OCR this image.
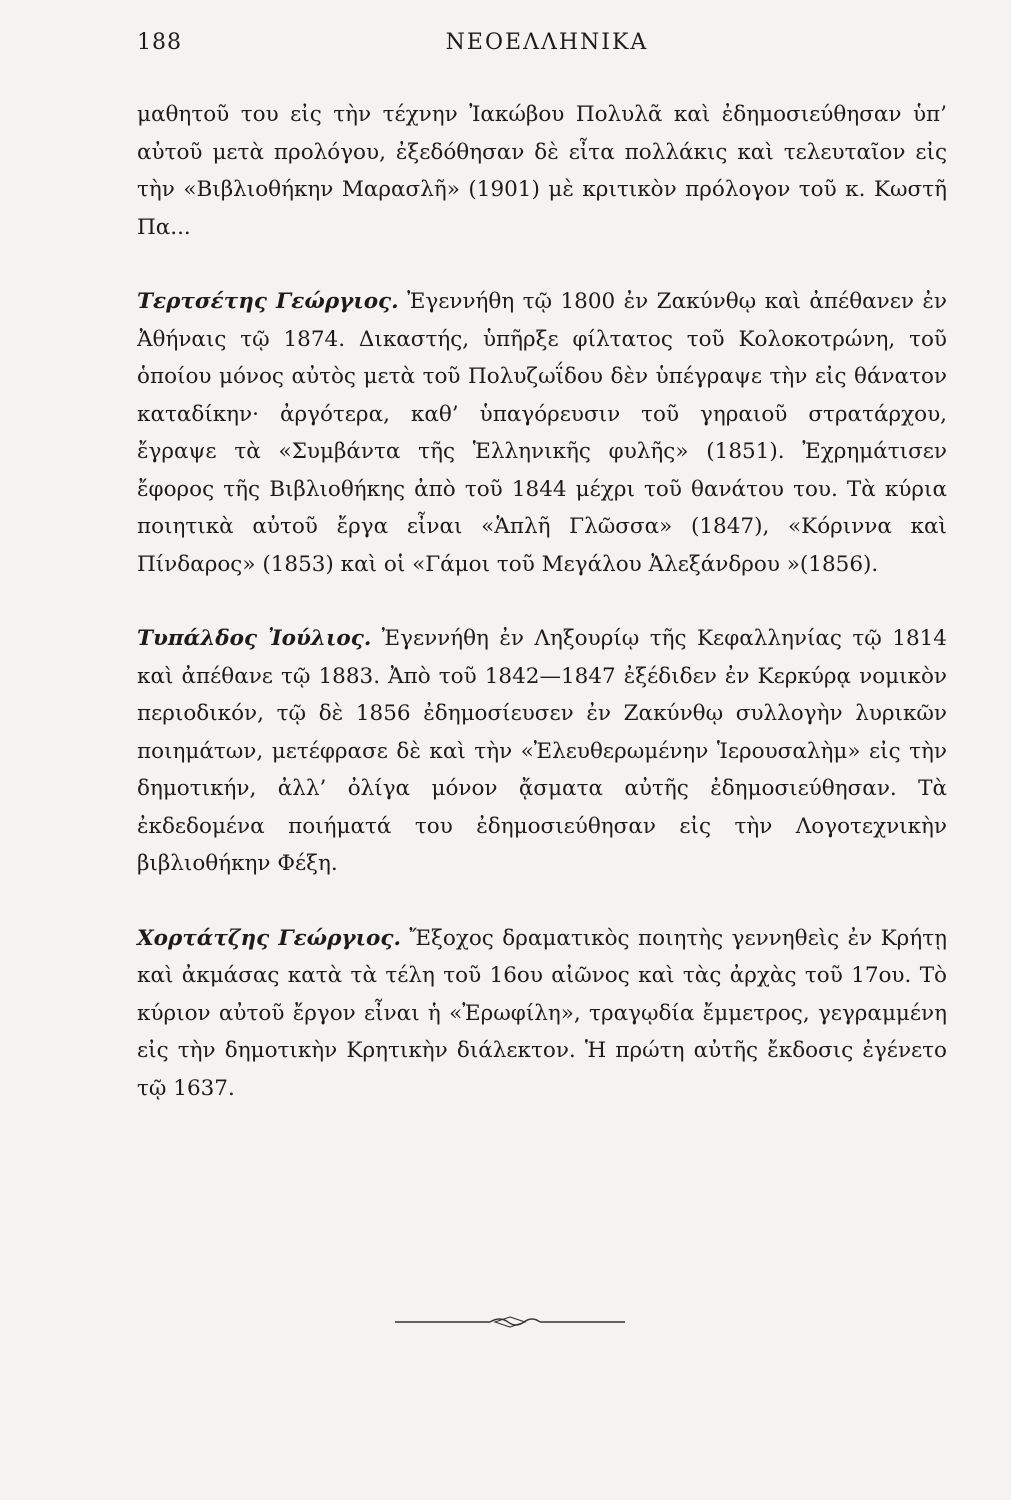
188	ΝΕΟΕΛΛΗΝΙΚΑ

μαθητοῦ του εἰς τὴν τέχνην Ἰακώβου Πολυλᾶ καὶ ἐδημοσιεύθησαν ὑπ’ αὐτοῦ μετὰ προλόγου, ἐξεδόθησαν δὲ εἶτα πολλάκις καὶ τελευταῖον εἰς τὴν «Βιβλιοθήκην Μαρασλῆ» (1901) μὲ κριτικὸν πρόλογον τοῦ κ. Κωστῆ Πα...

Τερτσέτης Γεώργιος. Ἐγεννήθη τῷ 1800 ἐν Ζακύνθῳ καὶ ἀπέθανεν ἐν Ἀθήναις τῷ 1874. Δικαστής, ὑπῆρξε φίλτατος τοῦ Κολοκοτρώνη, τοῦ ὁποίου μόνος αὐτὸς μετὰ τοῦ Πολυζωΐδου δὲν ὑπέγραψε τὴν εἰς θάνατον καταδίκην· ἀργότερα, καθ’ ὑπαγόρευσιν τοῦ γηραιοῦ στρατάρχου, ἔγραψε τὰ «Συμβάντα τῆς Ἑλληνικῆς φυλῆς» (1851). Ἐχρημάτισεν ἔφορος τῆς Βιβλιοθήκης ἀπὸ τοῦ 1844 μέχρι τοῦ θανάτου του. Τὰ κύρια ποιητικὰ αὐτοῦ ἔργα εἶναι «Ἁπλῆ Γλῶσσα» (1847), «Κόριννα καὶ Πίνδαρος» (1853) καὶ οἱ «Γάμοι τοῦ Μεγάλου Ἀλεξάνδρου »(1856).

Τυπάλδος Ἰούλιος. Ἐγεννήθη ἐν Ληξουρίῳ τῆς Κεφαλληνίας τῷ 1814 καὶ ἀπέθανε τῷ 1883. Ἀπὸ τοῦ 1842—1847 ἐξέδιδεν ἐν Κερκύρᾳ νομικὸν περιοδικόν, τῷ δὲ 1856 ἐδημοσίευσεν ἐν Ζακύνθῳ συλλογὴν λυρικῶν ποιημάτων, μετέφρασε δὲ καὶ τὴν «Ἐλευθερωμένην Ἱερουσαλὴμ» εἰς τὴν δημοτικήν, ἀλλ’ ὀλίγα μόνον ᾄσματα αὐτῆς ἐδημοσιεύθησαν. Τὰ ἐκδεδομένα ποιήματά του ἐδημοσιεύθησαν εἰς τὴν Λογοτεχνικὴν βιβλιοθήκην Φέξη.

Χορτάτζης Γεώργιος. Ἔξοχος δραματικὸς ποιητὴς γεννηθεὶς ἐν Κρήτῃ καὶ ἀκμάσας κατὰ τὰ τέλη τοῦ 16ου αἰῶνος καὶ τὰς ἀρχὰς τοῦ 17ου. Τὸ κύριον αὐτοῦ ἔργον εἶναι ἡ «Ἐρωφίλη», τραγῳδία ἔμμετρος, γεγραμμένη εἰς τὴν δημοτικὴν Κρητικὴν διάλεκτον. Ἡ πρώτη αὐτῆς ἔκδοσις ἐγένετο τῷ 1637.
